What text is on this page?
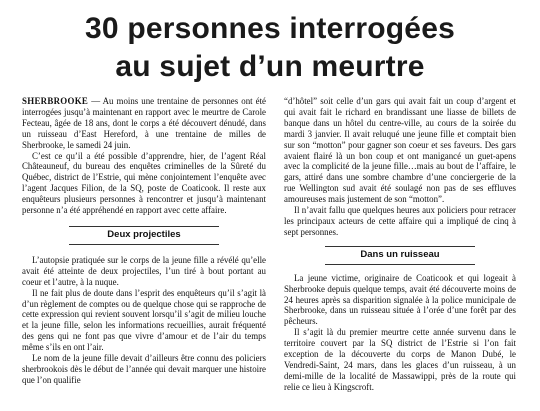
30 personnes interrogées
au sujet d’un meurtre

SHERBROOKE — Au moins une trentaine de personnes ont été interrogées jusqu’à maintenant en rapport avec le meurtre de Carole Fecteau, âgée de 18 ans, dont le corps a été découvert dénudé, dans un ruisseau d’East Hereford, à une trentaine de milles de Sherbrooke, le samedi 24 juin.

C’est ce qu’il a été possible d’apprendre, hier, de l’agent Réal Châteauneuf, du bureau des enquêtes criminelles de la Sûreté du Québec, district de l’Estrie, qui mène conjointement l’enquête avec l’agent Jacques Filion, de la SQ, poste de Coaticook. Il reste aux enquêteurs plusieurs personnes à rencontrer et jusqu’à maintenant personne n’a été appréhendé en rapport avec cette affaire.

Deux projectiles

L’autopsie pratiquée sur le corps de la jeune fille a révélé qu’elle avait été atteinte de deux projectiles, l’un tiré à bout portant au coeur et l’autre, à la nuque.

Il ne fait plus de doute dans l’esprit des enquêteurs qu’il s’agit là d’un règlement de comptes ou de quelque chose qui se rapproche de cette expression qui revient souvent lorsqu’il s’agit de milieu louche et la jeune fille, selon les informations recueillies, aurait fréquenté des gens qui ne font pas que vivre d’amour et de l’air du temps même s’ils en ont l’air.

Le nom de la jeune fille devait d’ailleurs être connu des policiers sherbrookois dès le début de l’année qui devait marquer une histoire que l’on qualifie

“d’hôtel” soit celle d’un gars qui avait fait un coup d’argent et qui avait fait le richard en brandissant une liasse de billets de banque dans un hôtel du centre-ville, au cours de la soirée du mardi 3 janvier. Il avait reluqué une jeune fille et comptait bien sur son “motton” pour gagner son coeur et ses faveurs. Des gars avaient flairé là un bon coup et ont manigancé un guet-apens avec la complicité de la jeune fille…mais au bout de l’affaire, le gars, attiré dans une sombre chambre d’une conciergerie de la rue Wellington sud avait été soulagé non pas de ses effluves amoureuses mais justement de son “motton”.

Il n’avait fallu que quelques heures aux policiers pour retracer les principaux acteurs de cette affaire qui a impliqué de cinq à sept personnes.

Dans un ruisseau

La jeune victime, originaire de Coaticook et qui logeait à Sherbrooke depuis quelque temps, avait été découverte moins de 24 heures après sa disparition signalée à la police municipale de Sherbrooke, dans un ruisseau située à l’orée d’une forêt par des pêcheurs.

Il s’agit là du premier meurtre cette année survenu dans le territoire couvert par la SQ district de l’Estrie si l’on fait exception de la découverte du corps de Manon Dubé, le Vendredi-Saint, 24 mars, dans les glaces d’un ruisseau, à un demi-mille de la localité de Massawippi, près de la route qui relie ce lieu à Kingscroft.
